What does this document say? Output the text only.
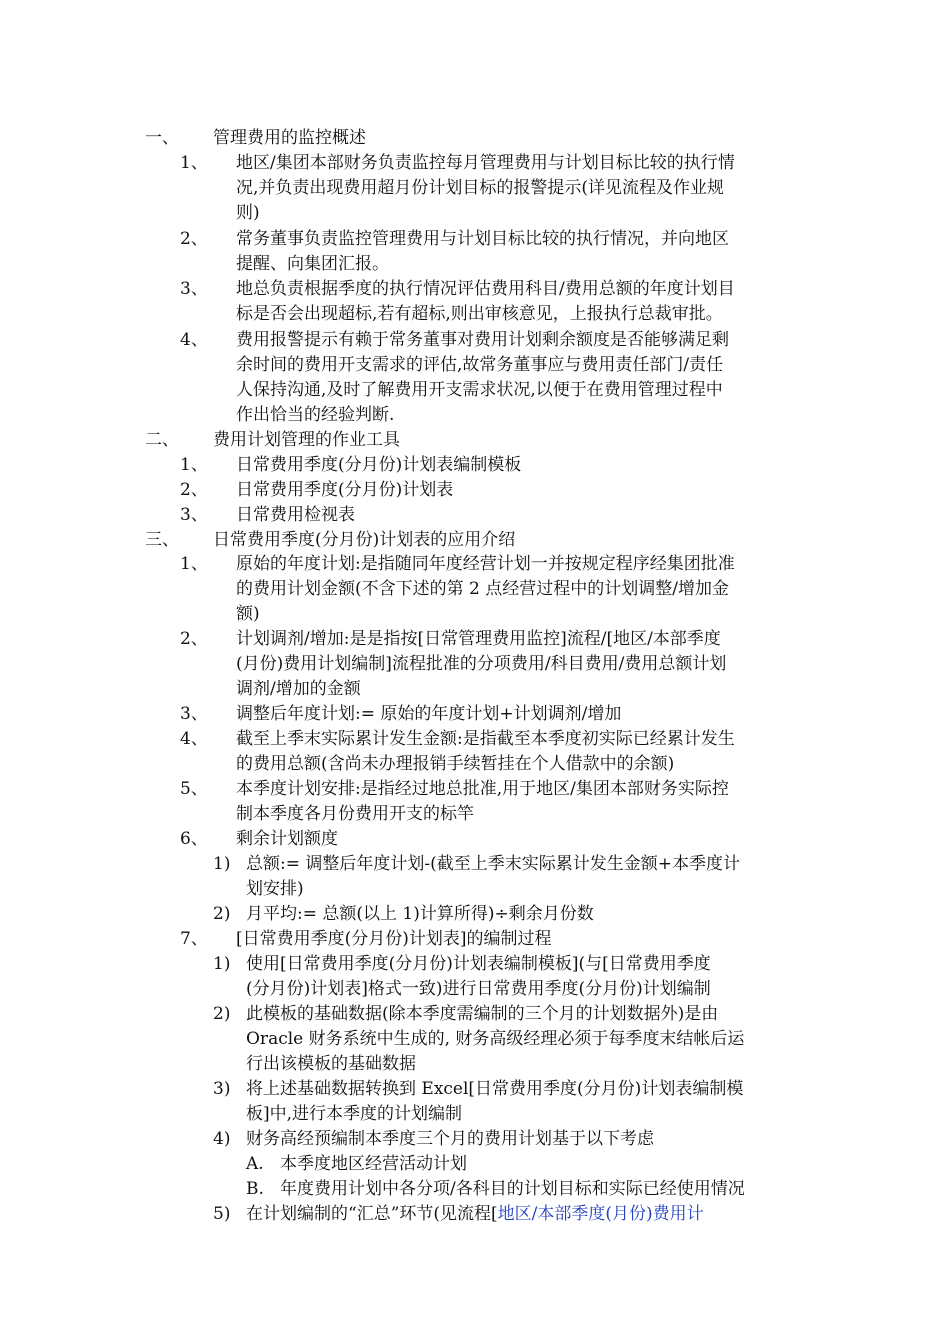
一、 管理费用的监控概述
1、 地区/集团本部财务负责监控每月管理费用与计划目标比较的执行情
况,并负责出现费用超月份计划目标的报警提示(详见流程及作业规
则)
2、 常务董事负责监控管理费用与计划目标比较的执行情况，并向地区
提醒、向集团汇报。
3、 地总负责根据季度的执行情况评估费用科目/费用总额的年度计划目
标是否会出现超标,若有超标,则出审核意见，上报执行总裁审批。
4、 费用报警提示有赖于常务董事对费用计划剩余额度是否能够满足剩
余时间的费用开支需求的评估,故常务董事应与费用责任部门/责任
人保持沟通,及时了解费用开支需求状况,以便于在费用管理过程中
作出恰当的经验判断.
二、 费用计划管理的作业工具
1、 日常费用季度(分月份)计划表编制模板
2、 日常费用季度(分月份)计划表
3、 日常费用检视表
三、 日常费用季度(分月份)计划表的应用介绍
1、 原始的年度计划:是指随同年度经营计划一并按规定程序经集团批准
的费用计划金额(不含下述的第 2 点经营过程中的计划调整/增加金
额)
2、 计划调剂/增加:是是指按[日常管理费用监控]流程/[地区/本部季度
(月份)费用计划编制]流程批准的分项费用/科目费用/费用总额计划
调剂/增加的金额
3、 调整后年度计划:= 原始的年度计划+计划调剂/增加
4、 截至上季末实际累计发生金额:是指截至本季度初实际已经累计发生
的费用总额(含尚未办理报销手续暂挂在个人借款中的余额)
5、 本季度计划安排:是指经过地总批准,用于地区/集团本部财务实际控
制本季度各月份费用开支的标竿
6、 剩余计划额度
1) 总额:= 调整后年度计划-(截至上季末实际累计发生金额+本季度计
划安排)
2) 月平均:= 总额(以上 1)计算所得)÷剩余月份数
7、 [日常费用季度(分月份)计划表]的编制过程
1) 使用[日常费用季度(分月份)计划表编制模板](与[日常费用季度
(分月份)计划表]格式一致)进行日常费用季度(分月份)计划编制
2) 此模板的基础数据(除本季度需编制的三个月的计划数据外)是由
Oracle 财务系统中生成的, 财务高级经理必须于每季度末结帐后运
行出该模板的基础数据
3) 将上述基础数据转换到 Excel[日常费用季度(分月份)计划表编制模
板]中,进行本季度的计划编制
4) 财务高经预编制本季度三个月的费用计划基于以下考虑
A. 本季度地区经营活动计划
B. 年度费用计划中各分项/各科目的计划目标和实际已经使用情况
5) 在计划编制的“汇总”环节(见流程[地区/本部季度(月份)费用计
